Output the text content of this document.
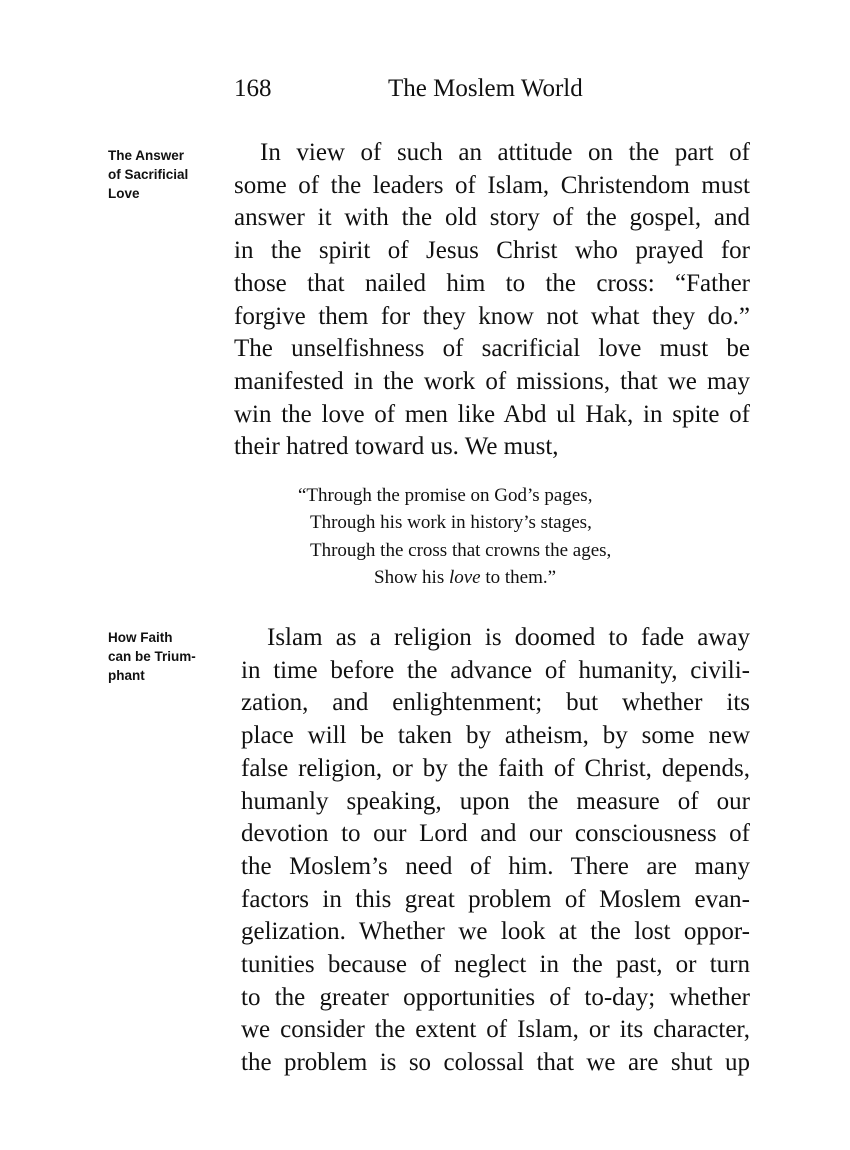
168	The Moslem World
The Answer
of Sacrificial
Love
In view of such an attitude on the part of
some of the leaders of Islam, Christendom must
answer it with the old story of the gospel, and
in the spirit of Jesus Christ who prayed for
those that nailed him to the cross: “Father
forgive them for they know not what they do.”
The unselfishness of sacrificial love must be
manifested in the work of missions, that we may
win the love of men like Abd ul Hak, in spite of
their hatred toward us. We must,
“Through the promise on God’s pages,
Through his work in history’s stages,
Through the cross that crowns the ages,
Show his love to them.”
How Faith
can be Trium-
phant
Islam as a religion is doomed to fade away
in time before the advance of humanity, civili-
zation, and enlightenment; but whether its
place will be taken by atheism, by some new
false religion, or by the faith of Christ, depends,
humanly speaking, upon the measure of our
devotion to our Lord and our consciousness of
the Moslem’s need of him. There are many
factors in this great problem of Moslem evan-
gelization. Whether we look at the lost oppor-
tunities because of neglect in the past, or turn
to the greater opportunities of to-day; whether
we consider the extent of Islam, or its character,
the problem is so colossal that we are shut up
